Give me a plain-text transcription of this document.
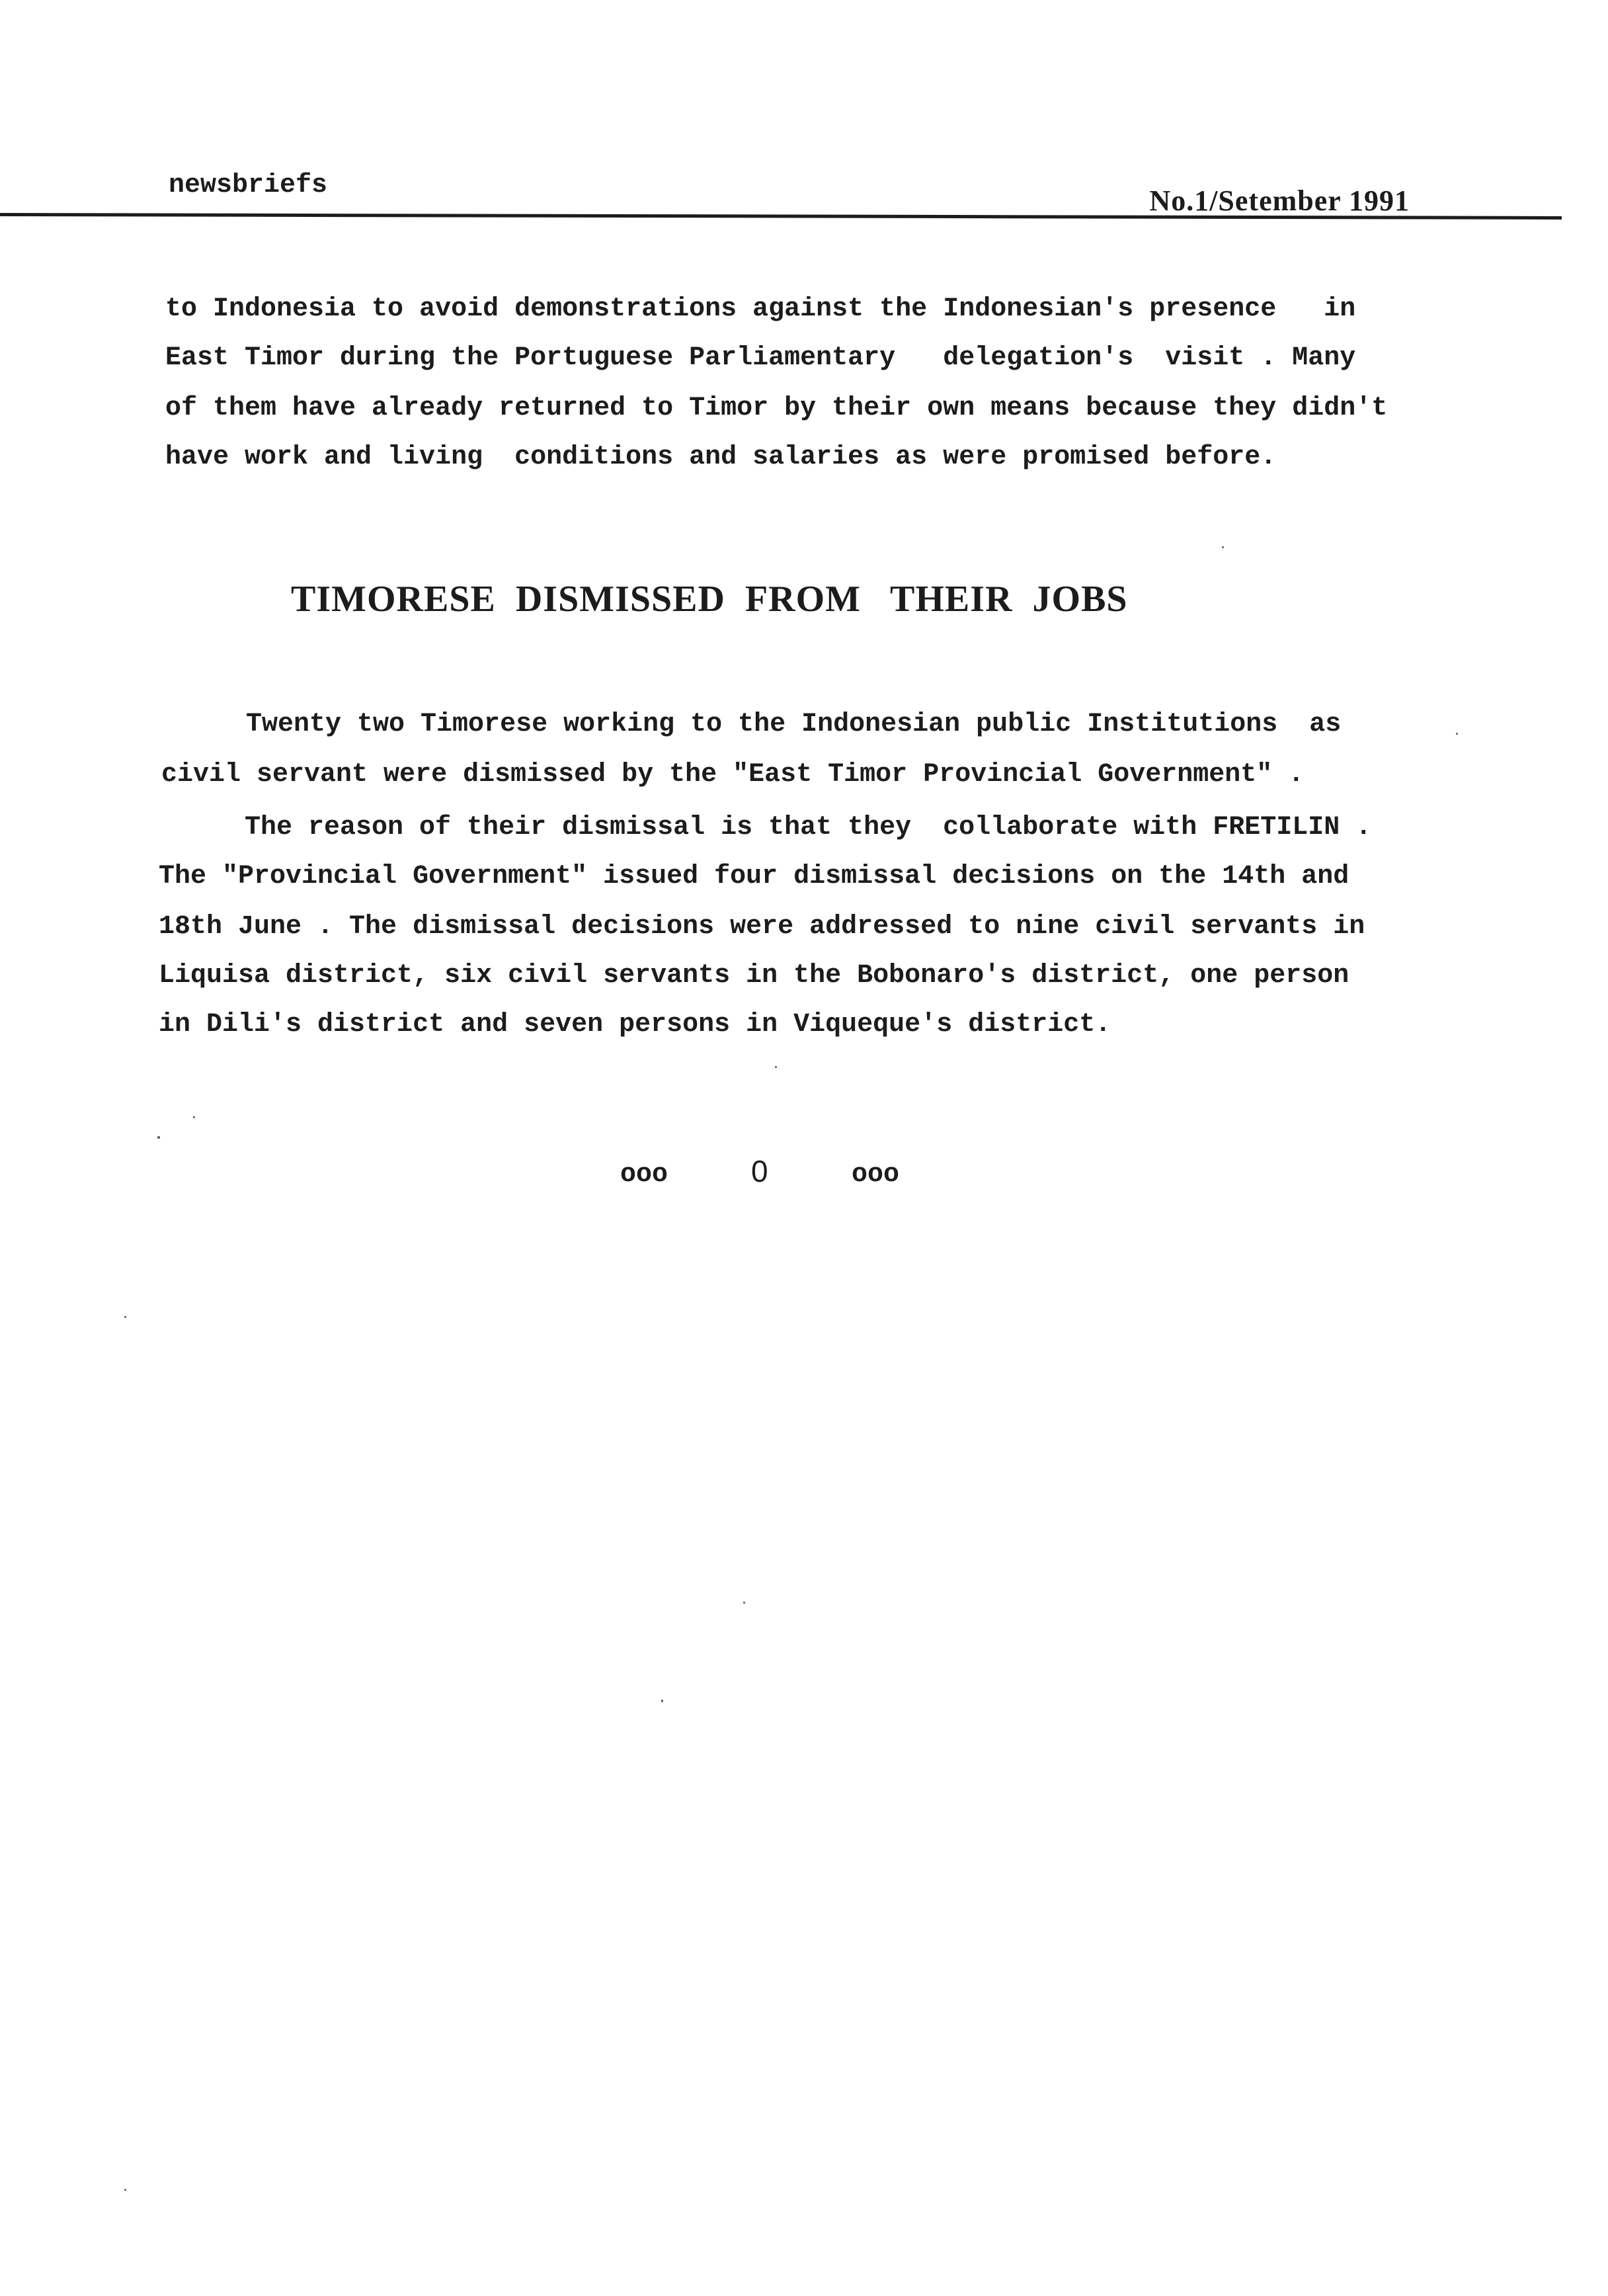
newsbriefs	No.1/Setember 1991
to Indonesia to avoid demonstrations against the Indonesian's presence   in
East Timor during the Portuguese Parliamentary   delegation's  visit . Many
of them have already returned to Timor by their own means because they didn't
have work and living  conditions and salaries as were promised before.
TIMORESE  DISMISSED  FROM   THEIR  JOBS
Twenty two Timorese working to the Indonesian public Institutions  as
civil servant were dismissed by the "East Timor Provincial Government" .
The reason of their dismissal is that they  collaborate with FRETILIN .
The "Provincial Government" issued four dismissal decisions on the 14th and
18th June . The dismissal decisions were addressed to nine civil servants in
Liquisa district, six civil servants in the Bobonaro's district, one person
in Dili's district and seven persons in Viqueque's district.
ooo	0	ooo
